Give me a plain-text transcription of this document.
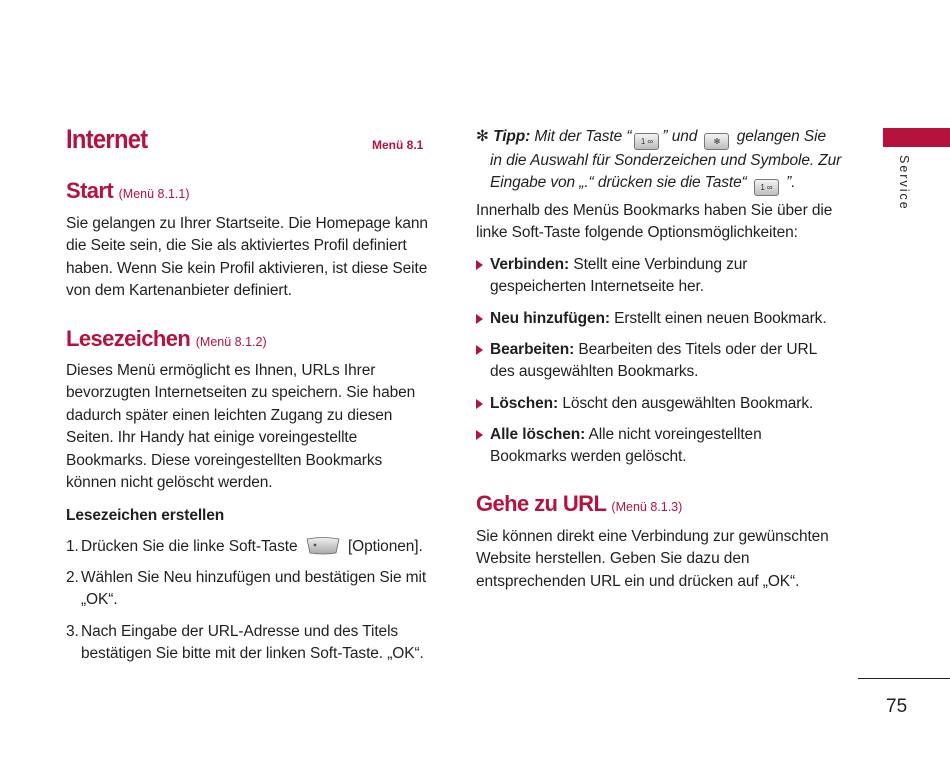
Internet	Menü 8.1
Start (Menü 8.1.1)
Sie gelangen zu Ihrer Startseite. Die Homepage kann
die Seite sein, die Sie als aktiviertes Profil definiert
haben. Wenn Sie kein Profil aktivieren, ist diese Seite
von dem Kartenanbieter definiert.
Lesezeichen (Menü 8.1.2)
Dieses Menü ermöglicht es Ihnen, URLs Ihrer
bevorzugten Internetseiten zu speichern. Sie haben
dadurch später einen leichten Zugang zu diesen
Seiten. Ihr Handy hat einige voreingestellte
Bookmarks. Diese voreingestellten Bookmarks
können nicht gelöscht werden.
Lesezeichen erstellen
1. Drücken Sie die linke Soft-Taste	[Optionen].
2. Wählen Sie Neu hinzufügen und bestätigen Sie mit
„OK“.
3. Nach Eingabe der URL-Adresse und des Titels
bestätigen Sie bitte mit der linken Soft-Taste. „OK“.
✻ Tipp: Mit der Taste “ 1 ∞ ” und ✻ gelangen Sie
in die Auswahl für Sonderzeichen und Symbole. Zur
Eingabe von „.“ drücken sie die Taste“ 1 ∞ ”.
Innerhalb des Menüs Bookmarks haben Sie über die
linke Soft-Taste folgende Optionsmöglichkeiten:
Verbinden: Stellt eine Verbindung zur
gespeicherten Internetseite her.
Neu hinzufügen: Erstellt einen neuen Bookmark.
Bearbeiten: Bearbeiten des Titels oder der URL
des ausgewählten Bookmarks.
Löschen: Löscht den ausgewählten Bookmark.
Alle löschen: Alle nicht voreingestellten
Bookmarks werden gelöscht.
Gehe zu URL (Menü 8.1.3)
Sie können direkt eine Verbindung zur gewünschten
Website herstellen. Geben Sie dazu den
entsprechenden URL ein und drücken auf „OK“.
Service
75
